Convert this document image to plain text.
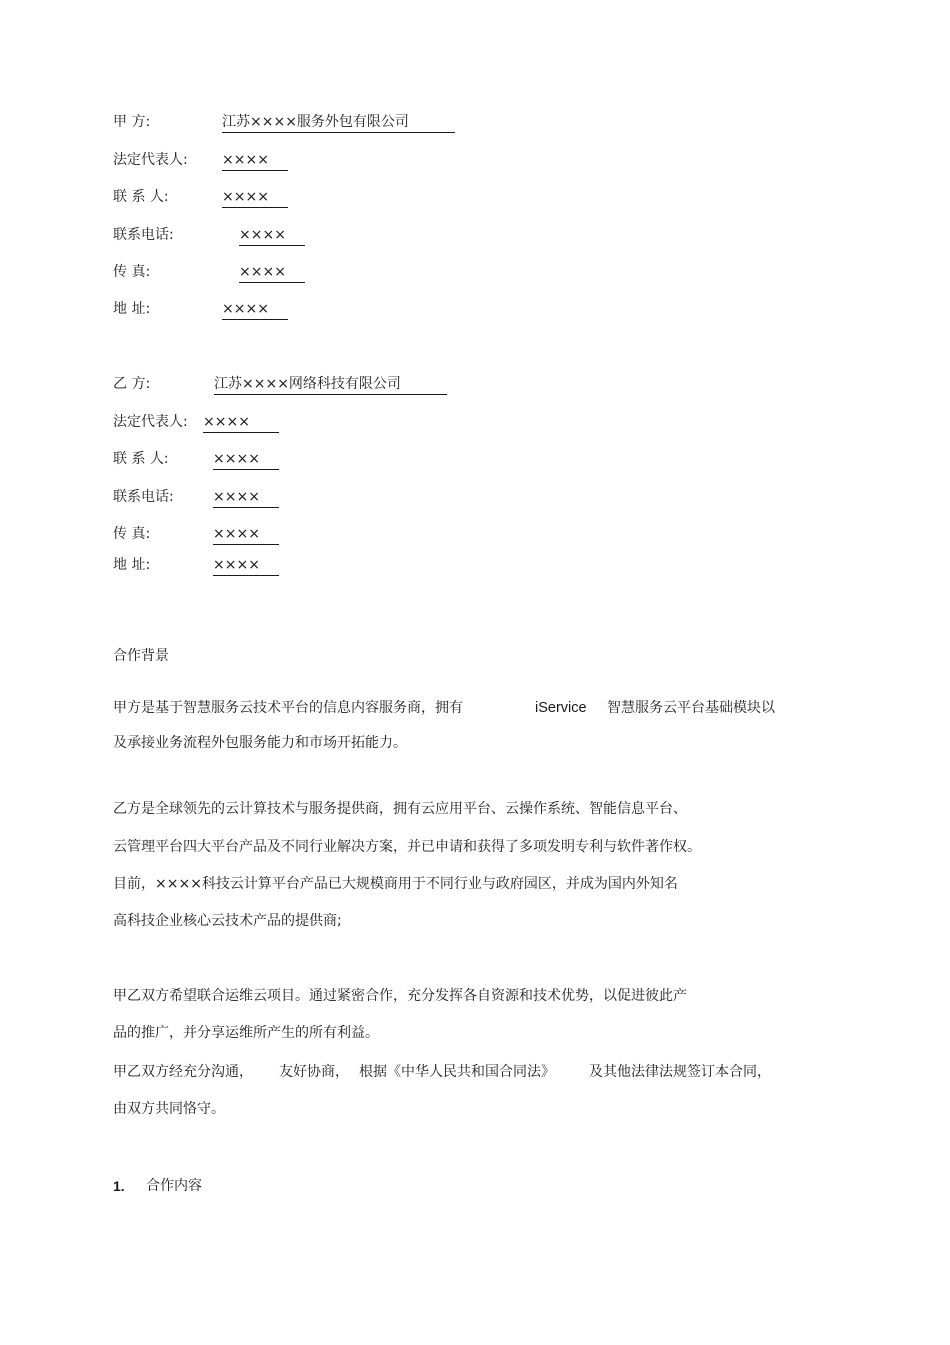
甲 方:	江苏××××服务外包有限公司
法定代表人: ××××
联 系 人:	××××
联系电话:	××××
传 真:	××××
地 址:	××××
乙 方:	江苏××××网络科技有限公司
法定代表人: ××××
联 系 人:	××××
联系电话:	××××
传 真:	××××
地 址:	××××
合作背景
甲方是基于智慧服务云技术平台的信息内容服务商，拥有	iService 智慧服务云平台基础模块以
及承接业务流程外包服务能力和市场开拓能力。
乙方是全球领先的云计算技术与服务提供商，拥有云应用平台、云操作系统、智能信息平台、
云管理平台四大平台产品及不同行业解决方案，并已申请和获得了多项发明专利与软件著作权。
目前，××××科技云计算平台产品已大规模商用于不同行业与政府园区，并成为国内外知名
高科技企业核心云技术产品的提供商;
甲乙双方希望联合运维云项目。通过紧密合作，充分发挥各自资源和技术优势，以促进彼此产
品的推广，并分享运维所产生的所有利益。
甲乙双方经充分沟通， 友好协商， 根据《中华人民共和国合同法》 及其他法律法规签订本合同，
由双方共同恪守。
1. 合作内容
